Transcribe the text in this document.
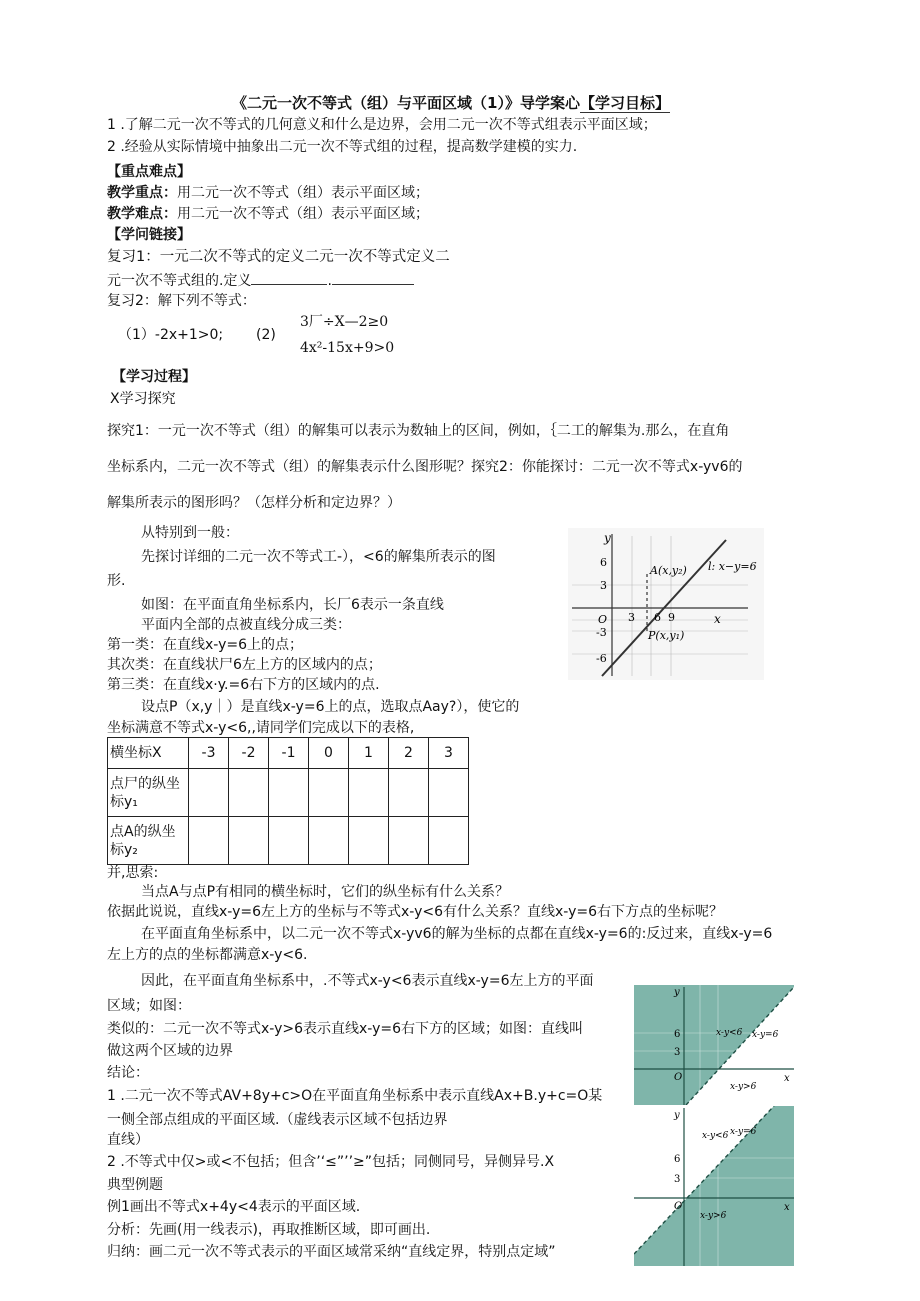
《二元一次不等式（组）与平面区域（1）》导学案心【学习目标】
1 .了解二元一次不等式的几何意义和什么是边界，会用二元一次不等式组表示平面区域；
2 .经验从实际情境中抽象出二元一次不等式组的过程，提高数学建模的实力.
【重点难点】
教学重点：用二元一次不等式（组）表示平面区域；
教学难点：用二元一次不等式（组）表示平面区域；
【学问链接】
复习1：一元二次不等式的定义二元一次不等式定义二
元一次不等式组的.定义	.
复习2：解下列不等式：
（1）-2x+1>0; (2)
3厂÷X—2≥0
4x²-15x+9>0
【学习过程】
X学习探究
探究1：一元一次不等式（组）的解集可以表示为数轴上的区间，例如，｛二工的解集为.那么，在直角
坐标系内，二元一次不等式（组）的解集表示什么图形呢？探究2：你能探讨：二元一次不等式x-yv6的
解集所表示的图形吗？（怎样分析和定边界？）
从特别到一般：
先探讨详细的二元一次不等式工-），<6的解集所表示的图
形.
如图：在平面直角坐标系内，长厂6表示一条直线
平面内全部的点被直线分成三类：
第一类：在直线x-y=6上的点；
其次类：在直线状尸6左上方的区域内的点；
第三类：在直线x·y.=6右下方的区域内的点.
设点P（x,y｜）是直线x-y=6上的点，选取点Aay?），使它的
坐标满意不等式x-y<6,,请同学们完成以下的表格,
y
x
6
3
O
-3
-6
3 6 9
A(x,y₂)
P(x,y₁)
l: x−y=6
横坐标X	-3	-2	-1	0	1	2	3
点尸的纵坐
标y₁							
点A的纵坐
标y₂							
并,思索:
当点A与点P有相同的横坐标时，它们的纵坐标有什么关系？
依据此说说，直线x-y=6左上方的坐标与不等式x-y<6有什么关系？直线x-y=6右下方点的坐标呢？
在平面直角坐标系中，以二元一次不等式x-yv6的解为坐标的点都在直线x-y=6的:反过来，直线x-y=6
左上方的点的坐标都满意x-y<6.
因此，在平面直角坐标系中，.不等式x-y<6表示直线x-y=6左上方的平面
区域；如图：
类似的：二元一次不等式x-y>6表示直线x-y=6右下方的区域；如图：直线叫
做这两个区域的边界
结论：
1 .二元一次不等式AV+8y+c>O在平面直角坐标系中表示直线Ax+B.y+c=O某
一侧全部点组成的平面区域.（虚线表示区域不包括边界
直线）
2 .不等式中仅>或<不包括；但含’‘≤”’’≥”包括；同侧同号，异侧异号.X
典型例题
例1画出不等式x+4y<4表示的平面区域.
分析：先画(用一线表示)，再取推断区域，即可画出.
归纳：画二元一次不等式表示的平面区域常采纳“直线定界，特别点定域”
y
x
6
3
O
x-y<6 x-y=6
x-y>6
y
x
6
3
O
x-y<6 x-y=6
x-y>6
